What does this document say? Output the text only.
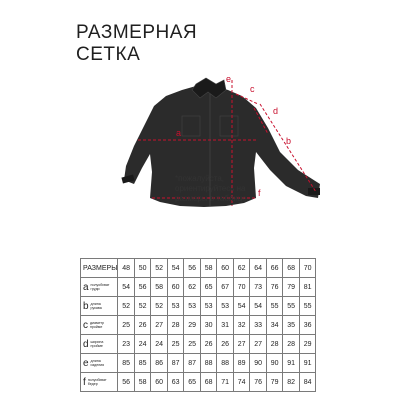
РАЗМЕРНАЯ
СЕТКА
a
e
c
d
b
f
*пожалуйста, ориентируйтесь на размеры в таблице
РАЗМЕРЫ	48	50	52	54	56	58	60	62	64	66	68	70
a полуобхват груди	54	56	58	60	62	65	67	70	73	76	79	81
b длина рукава	52	52	52	53	53	53	53	54	54	55	55	55
c диаметр пройме	25	26	27	28	29	30	31	32	33	34	35	36
d ширина пройме	23	24	24	25	25	26	26	27	27	28	28	29
e длина изделия	85	85	86	87	87	88	88	89	90	90	91	91
f полуобхват бедер	56	58	60	63	65	68	71	74	76	79	82	84
